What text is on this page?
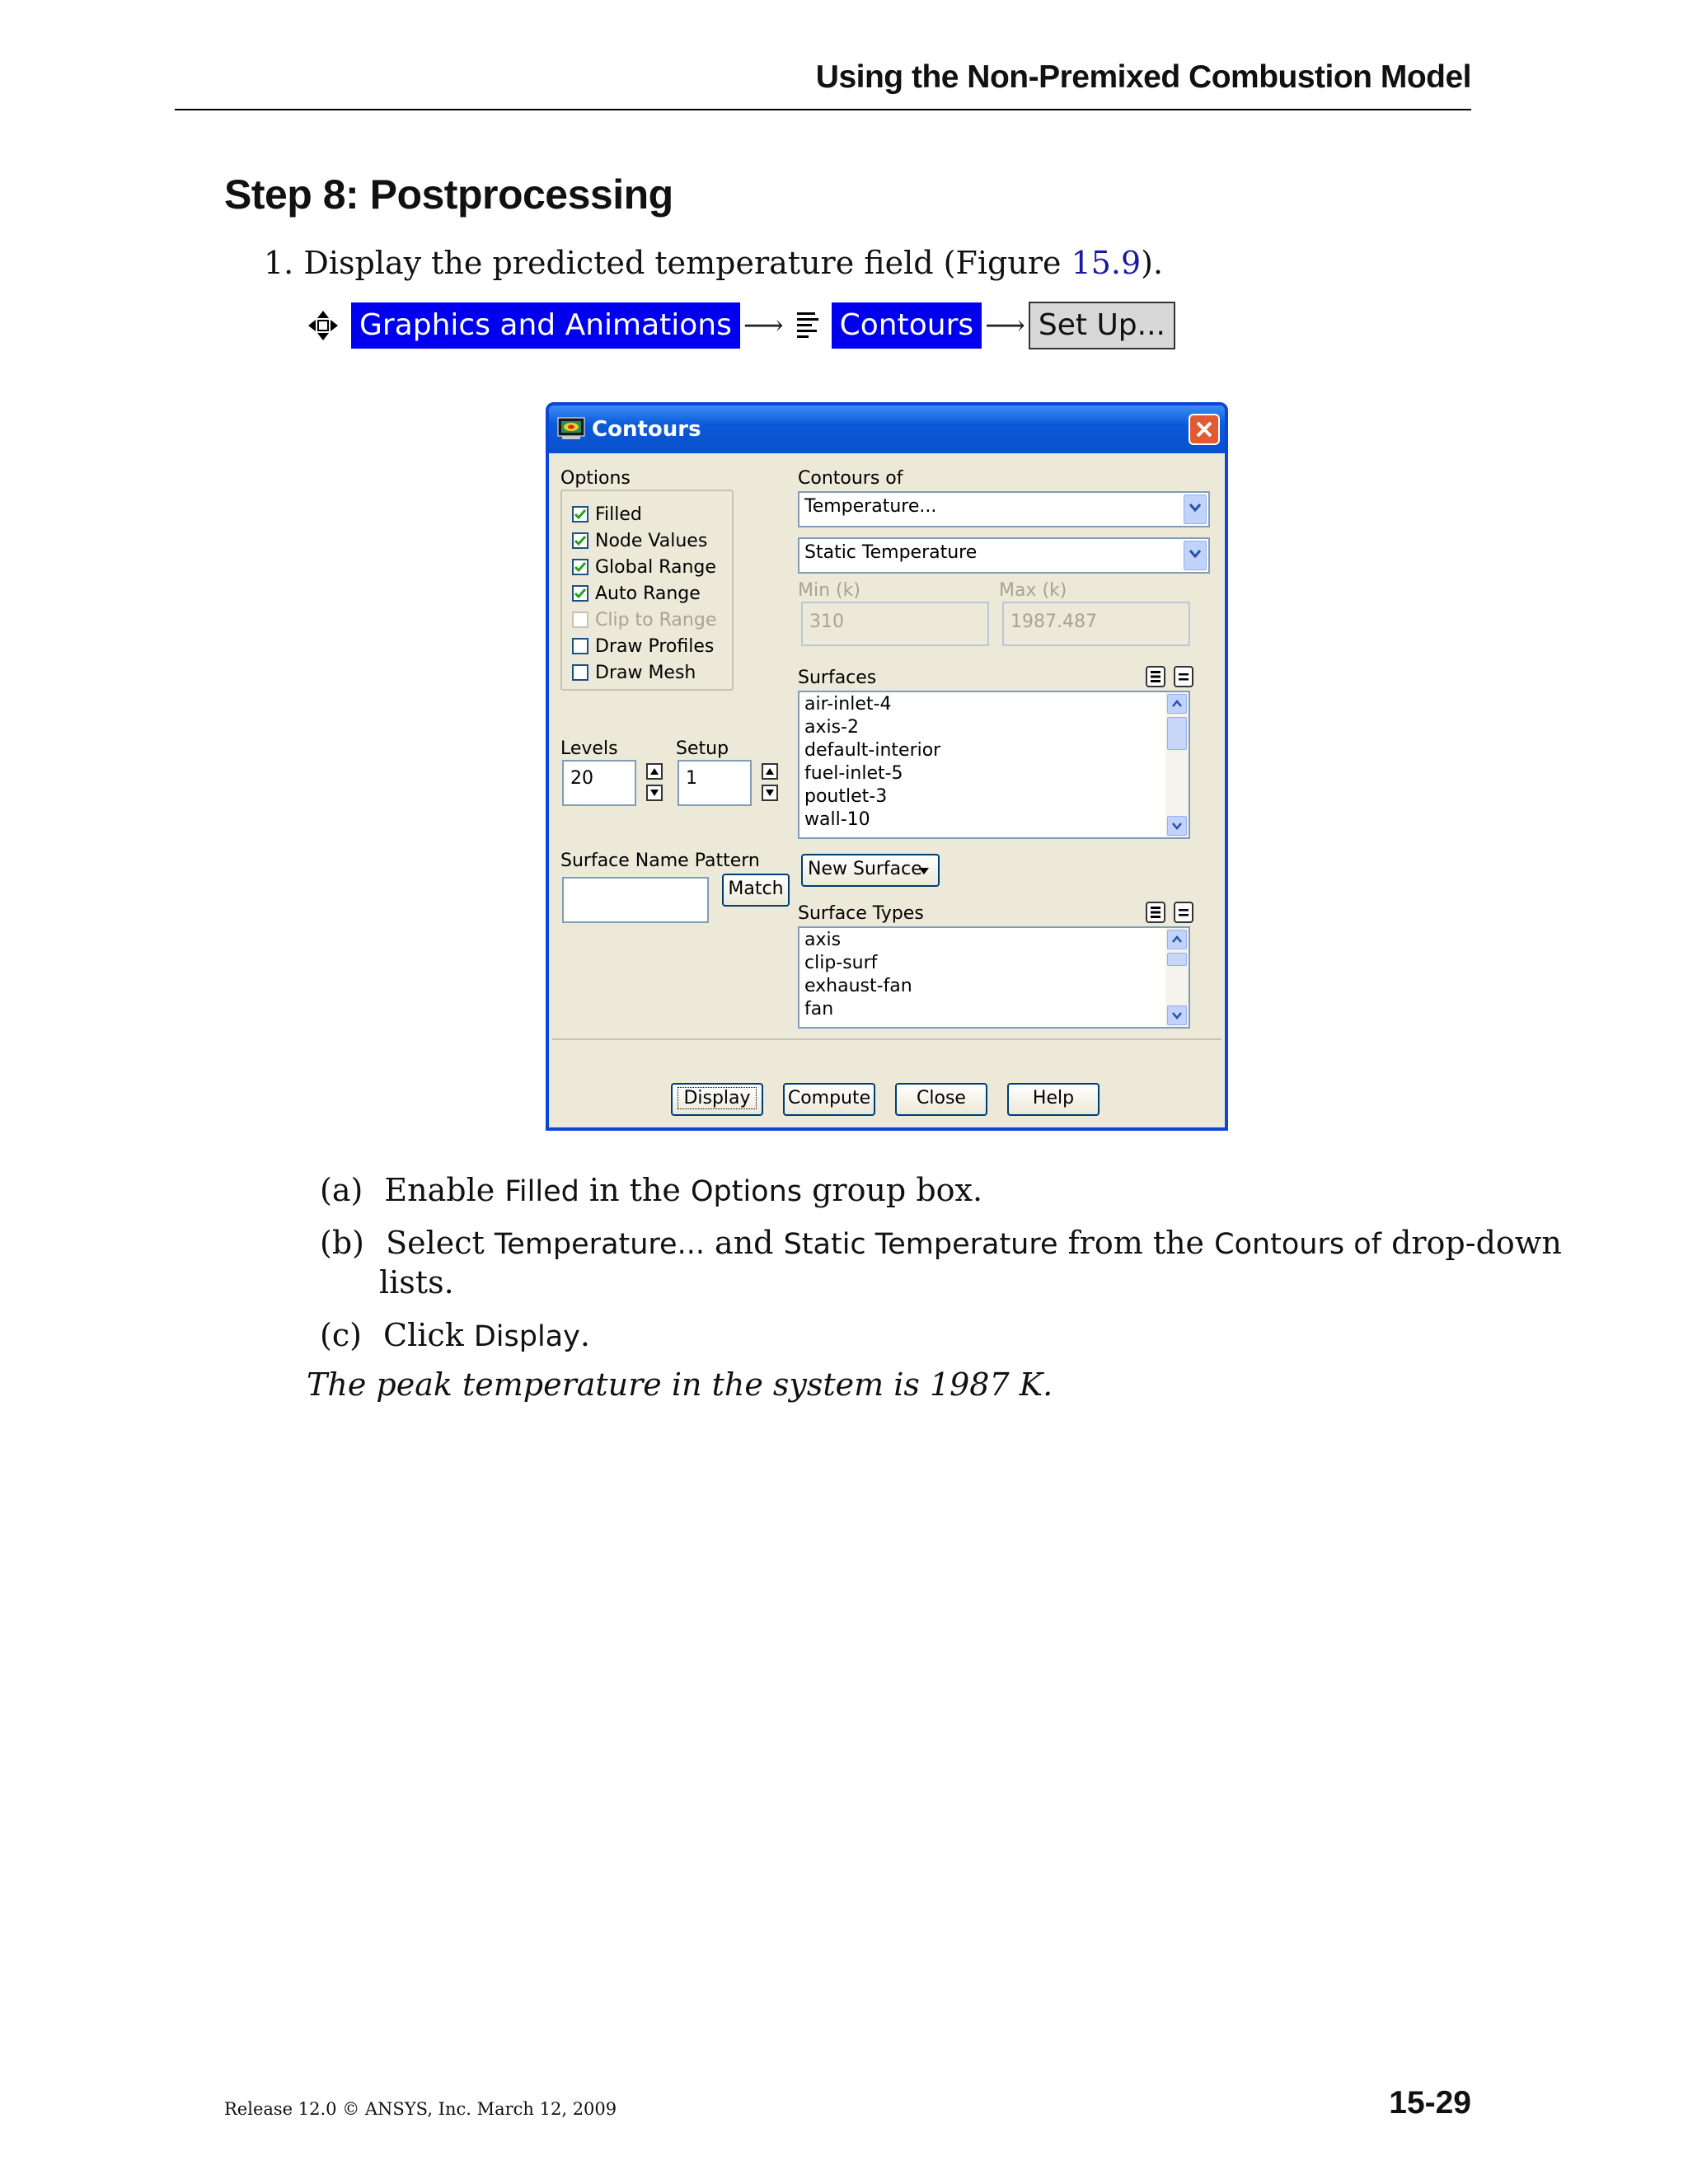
Using the Non-Premixed Combustion Model
Step 8: Postprocessing
1. Display the predicted temperature field (Figure 15.9).
Graphics and Animations ⟶ Contours ⟶ Set Up...
Contours
Options
Filled
Node Values
Global Range
Auto Range
Clip to Range
Draw Profiles
Draw Mesh
Contours of
Temperature...
Static Temperature
Min (k)	Max (k)
310	1987.487
Surfaces
air-inlet-4
axis-2
default-interior
fuel-inlet-5
poutlet-3
wall-10
Levels	Setup
20	1
Surface Name Pattern
Match
New Surface
Surface Types
axis
clip-surf
exhaust-fan
fan
Display	Compute	Close	Help
(a) Enable Filled in the Options group box.
(b) Select Temperature... and Static Temperature from the Contours of drop-down
lists.
(c) Click Display.
The peak temperature in the system is 1987 K.
Release 12.0 © ANSYS, Inc. March 12, 2009	15-29
